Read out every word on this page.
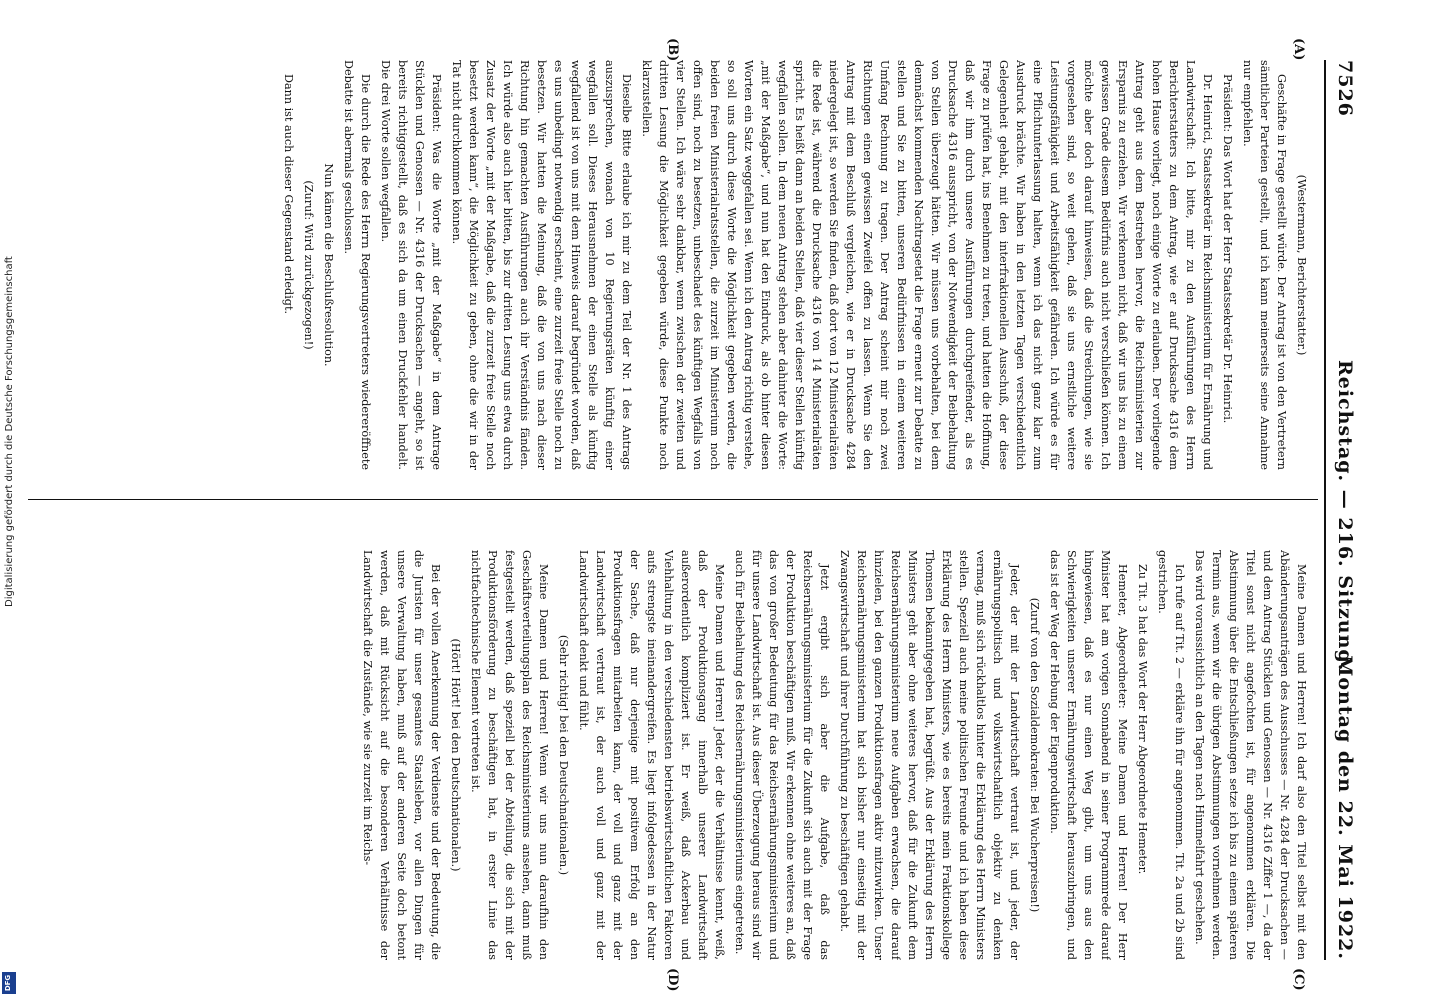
7526
Reichstag. — 216. Sitzung.
Montag den 22. Mai 1922.
(A)
(B)
(C)
(D)

(Westermann, Berichterstatter.)

Geschäfte in Frage gestellt würde. Der Antrag ist von den Vertretern sämtlicher Parteien gestellt, und ich kann meinerseits seine Annahme nur empfehlen.

Präsident: Das Wort hat der Herr Staatssekretär Dr. Heinrici.

Dr. Heinrici, Staatssekretär im Reichsministerium für Ernährung und Landwirtschaft: Ich bitte, mir zu den Ausführungen des Herrn Berichterstatters zu dem Antrag, wie er auf Drucksache 4316 dem hohen Hause vorliegt, noch einige Worte zu erlauben. Der vorliegende Antrag geht aus dem Bestreben hervor, die Reichsministerien zur Ersparnis zu erziehen. Wir verkennen nicht, daß wir uns bis zu einem gewissen Grade diesem Bedürfnis auch nicht verschließen können. Ich möchte aber doch darauf hinweisen, daß die Streichungen, wie sie vorgesehen sind, so weit gehen, daß sie uns ernstliche weitere Leistungsfähigkeit und Arbeitsfähigkeit gefährden. Ich würde es für eine Pflichtunterlassung halten, wenn ich das nicht ganz klar zum Ausdruck brächte. Wir haben in den letzten Tagen verschiedentlich Gelegenheit gehabt, mit den interfraktionellen Ausschuß, der diese Frage zu prüfen hat, ins Benehmen zu treten, und hatten die Hoffnung, daß wir ihm durch unsere Ausführungen durchgreifender, als es Drucksache 4316 ausspricht, von der Notwendigkeit der Beibehaltung von Stellen überzeugt hätten. Wir müssen uns vorbehalten, bei dem demnächst kommenden Nachtragsetat die Frage erneut zur Debatte zu stellen und Sie zu bitten, unseren Bedürfnissen in einem weiteren Umfang Rechnung zu tragen. Der Antrag scheint mir noch zwei Richtungen einen gewissen Zweifel offen zu lassen. Wenn Sie den Antrag mit dem Beschluß vergleichen, wie er in Drucksache 4284 niedergelegt ist, so werden Sie finden, daß dort von 12 Ministerialräten die Rede ist, während die Drucksache 4316 von 14 Ministerialräten spricht. Es heißt dann an beiden Stellen, daß vier dieser Stellen künftig wegfallen sollen. In dem neuen Antrag stehen aber dahinter die Worte: „mit der Maßgabe“, und nun hat den Eindruck, als ob hinter diesen Worten ein Satz weggefallen sei. Wenn ich den Antrag richtig verstehe, so soll uns durch diese Worte die Möglichkeit gegeben werden, die beiden freien Ministerialratsstellen, die zurzeit im Ministerium noch offen sind, noch zu besetzen, unbeschadet des künftigen Wegfalls von vier Stellen. Ich wäre sehr dankbar, wenn zwischen der zweiten und dritten Lesung die Möglichkeit gegeben würde, diese Punkte noch klarzustellen.

Dieselbe Bitte erlaube ich mir zu dem Teil der Nr. 1 des Antrags auszusprechen, wonach von 10 Regierungsräten künftig einer wegfallen soll. Dieses Herausnehmen der einen Stelle als künftig wegfallend ist von uns mit dem Hinweis darauf begründet worden, daß es uns unbedingt notwendig erscheint, eine zurzeit freie Stelle noch zu besetzen. Wir hatten die Meinung, daß die von uns nach dieser Richtung hin gemachten Ausführungen auch ihr Verständnis fänden. Ich würde also auch hier bitten, bis zur dritten Lesung uns etwa durch Zusatz der Worte „mit der Maßgabe, daß die zurzeit freie Stelle noch besetzt werden kann“, die Möglichkeit zu geben, ohne die wir in der Tat nicht durchkommen können.

Präsident: Was die Worte „mit der Maßgabe“ in dem Antrage Stücklen und Genossen — Nr. 4316 der Drucksachen — angeht, so ist bereits richtiggestellt, daß es sich da um einen Druckfehler handelt. Die drei Worte sollen wegfallen.

Die durch die Rede des Herrn Regierungsvertreters wiedereröffnete Debatte ist abermals geschlossen.

Nun kämen die Beschlußresolution.

(Zuruf: Wird zurückgezogen!)

Dann ist auch dieser Gegenstand erledigt.

Meine Damen und Herren! Ich darf also den Titel selbst mit den Abänderungsanträgen des Ausschusses — Nr. 4284 der Drucksachen — und dem Antrag Stücklen und Genossen — Nr. 4316 Ziffer 1 —, da der Titel sonst nicht angefochten ist, für angenommen erklären. Die Abstimmung über die Entschließungen setze ich bis zu einem späteren Termin aus, wenn wir die übrigen Abstimmungen vornehmen werden. Das wird voraussichtlich an den Tagen nach Himmelfahrt geschehen.

Ich rufe auf Tit. 2 — erkläre ihn für angenommen. Tit. 2a und 2b sind gestrichen.

Zu Tit. 3 hat das Wort der Herr Abgeordnete Hemeter.

Hemeter, Abgeordneter: Meine Damen und Herren! Der Herr Minister hat am vorigen Sonnabend in seiner Programmrede darauf hingewiesen, daß es nur einen Weg gibt, um uns aus den Schwierigkeiten unserer Ernährungswirtschaft herauszubringen, und das ist der Weg der Hebung der Eigenproduktion.

(Zuruf von den Sozialdemokraten: Bei Wucherpreisen!)

Jeder, der mit der Landwirtschaft vertraut ist, und jeder, der ernährungspolitisch und volkswirtschaftlich objektiv zu denken vermag, muß sich rückhaltlos hinter die Erklärung des Herrn Ministers stellen. Speziell auch meine politischen Freunde und ich haben diese Erklärung des Herrn Ministers, wie es bereits mein Fraktionskollege Thomsen bekanntgegeben hat, begrüßt. Aus der Erklärung des Herrn Ministers geht aber ohne weiteres hervor, daß für die Zukunft dem Reichsernährungsministerium neue Aufgaben erwachsen, die darauf hinzielen, bei den ganzen Produktionsfragen aktiv mitzuwirken. Unser Reichsernährungsministerium hat sich bisher nur einseitig mit der Zwangswirtschaft und ihrer Durchführung zu beschäftigen gehabt.

Jetzt ergibt sich aber die Aufgabe, daß das Reichsernährungsministerium für die Zukunft sich auch mit der Frage der Produktion beschäftigen muß. Wir erkennen ohne weiteres an, daß das von großer Bedeutung für das Reichsernährungsministerium und für unsere Landwirtschaft ist. Aus dieser Überzeugung heraus sind wir auch für Beibehaltung des Reichsernährungsministeriums eingetreten.

Meine Damen und Herren! Jeder, der die Verhältnisse kennt, weiß, daß der Produktionsgang innerhalb unserer Landwirtschaft außerordentlich kompliziert ist. Er weiß, daß Ackerbau und Viehhaltung in den verschiedensten betriebswirtschaftlichen Faktoren aufs strengste ineinandergreifen. Es liegt infolgedessen in der Natur der Sache, daß nur derjenige mit positivem Erfolg an den Produktionsfragen mitarbeiten kann, der voll und ganz mit der Landwirtschaft vertraut ist, der auch voll und ganz mit der Landwirtschaft denkt und fühlt.

(Sehr richtig! bei den Deutschnationalen.)

Meine Damen und Herren! Wenn wir uns nun daraufhin den Geschäftsverteilungsplan des Reichsministeriums ansehen, dann muß festgestellt werden, daß speziell bei der Abteilung, die sich mit der Produktionsförderung zu beschäftigen hat, in erster Linie das nichtfachtechnische Element vertreten ist.

(Hört! Hört! bei den Deutschnationalen.)

Bei der vollen Anerkennung der Verdienste und der Bedeutung, die die Juristen für unser gesamtes Staatsleben, vor allen Dingen für unsere Verwaltung haben, muß auf der anderen Seite doch betont werden, daß mit Rücksicht auf die besonderen Verhältnisse der Landwirtschaft die Zustände, wie sie zurzeit im Reichs-

Digitalisierung gefördert durch die Deutsche Forschungsgemeinschaft
DFG
